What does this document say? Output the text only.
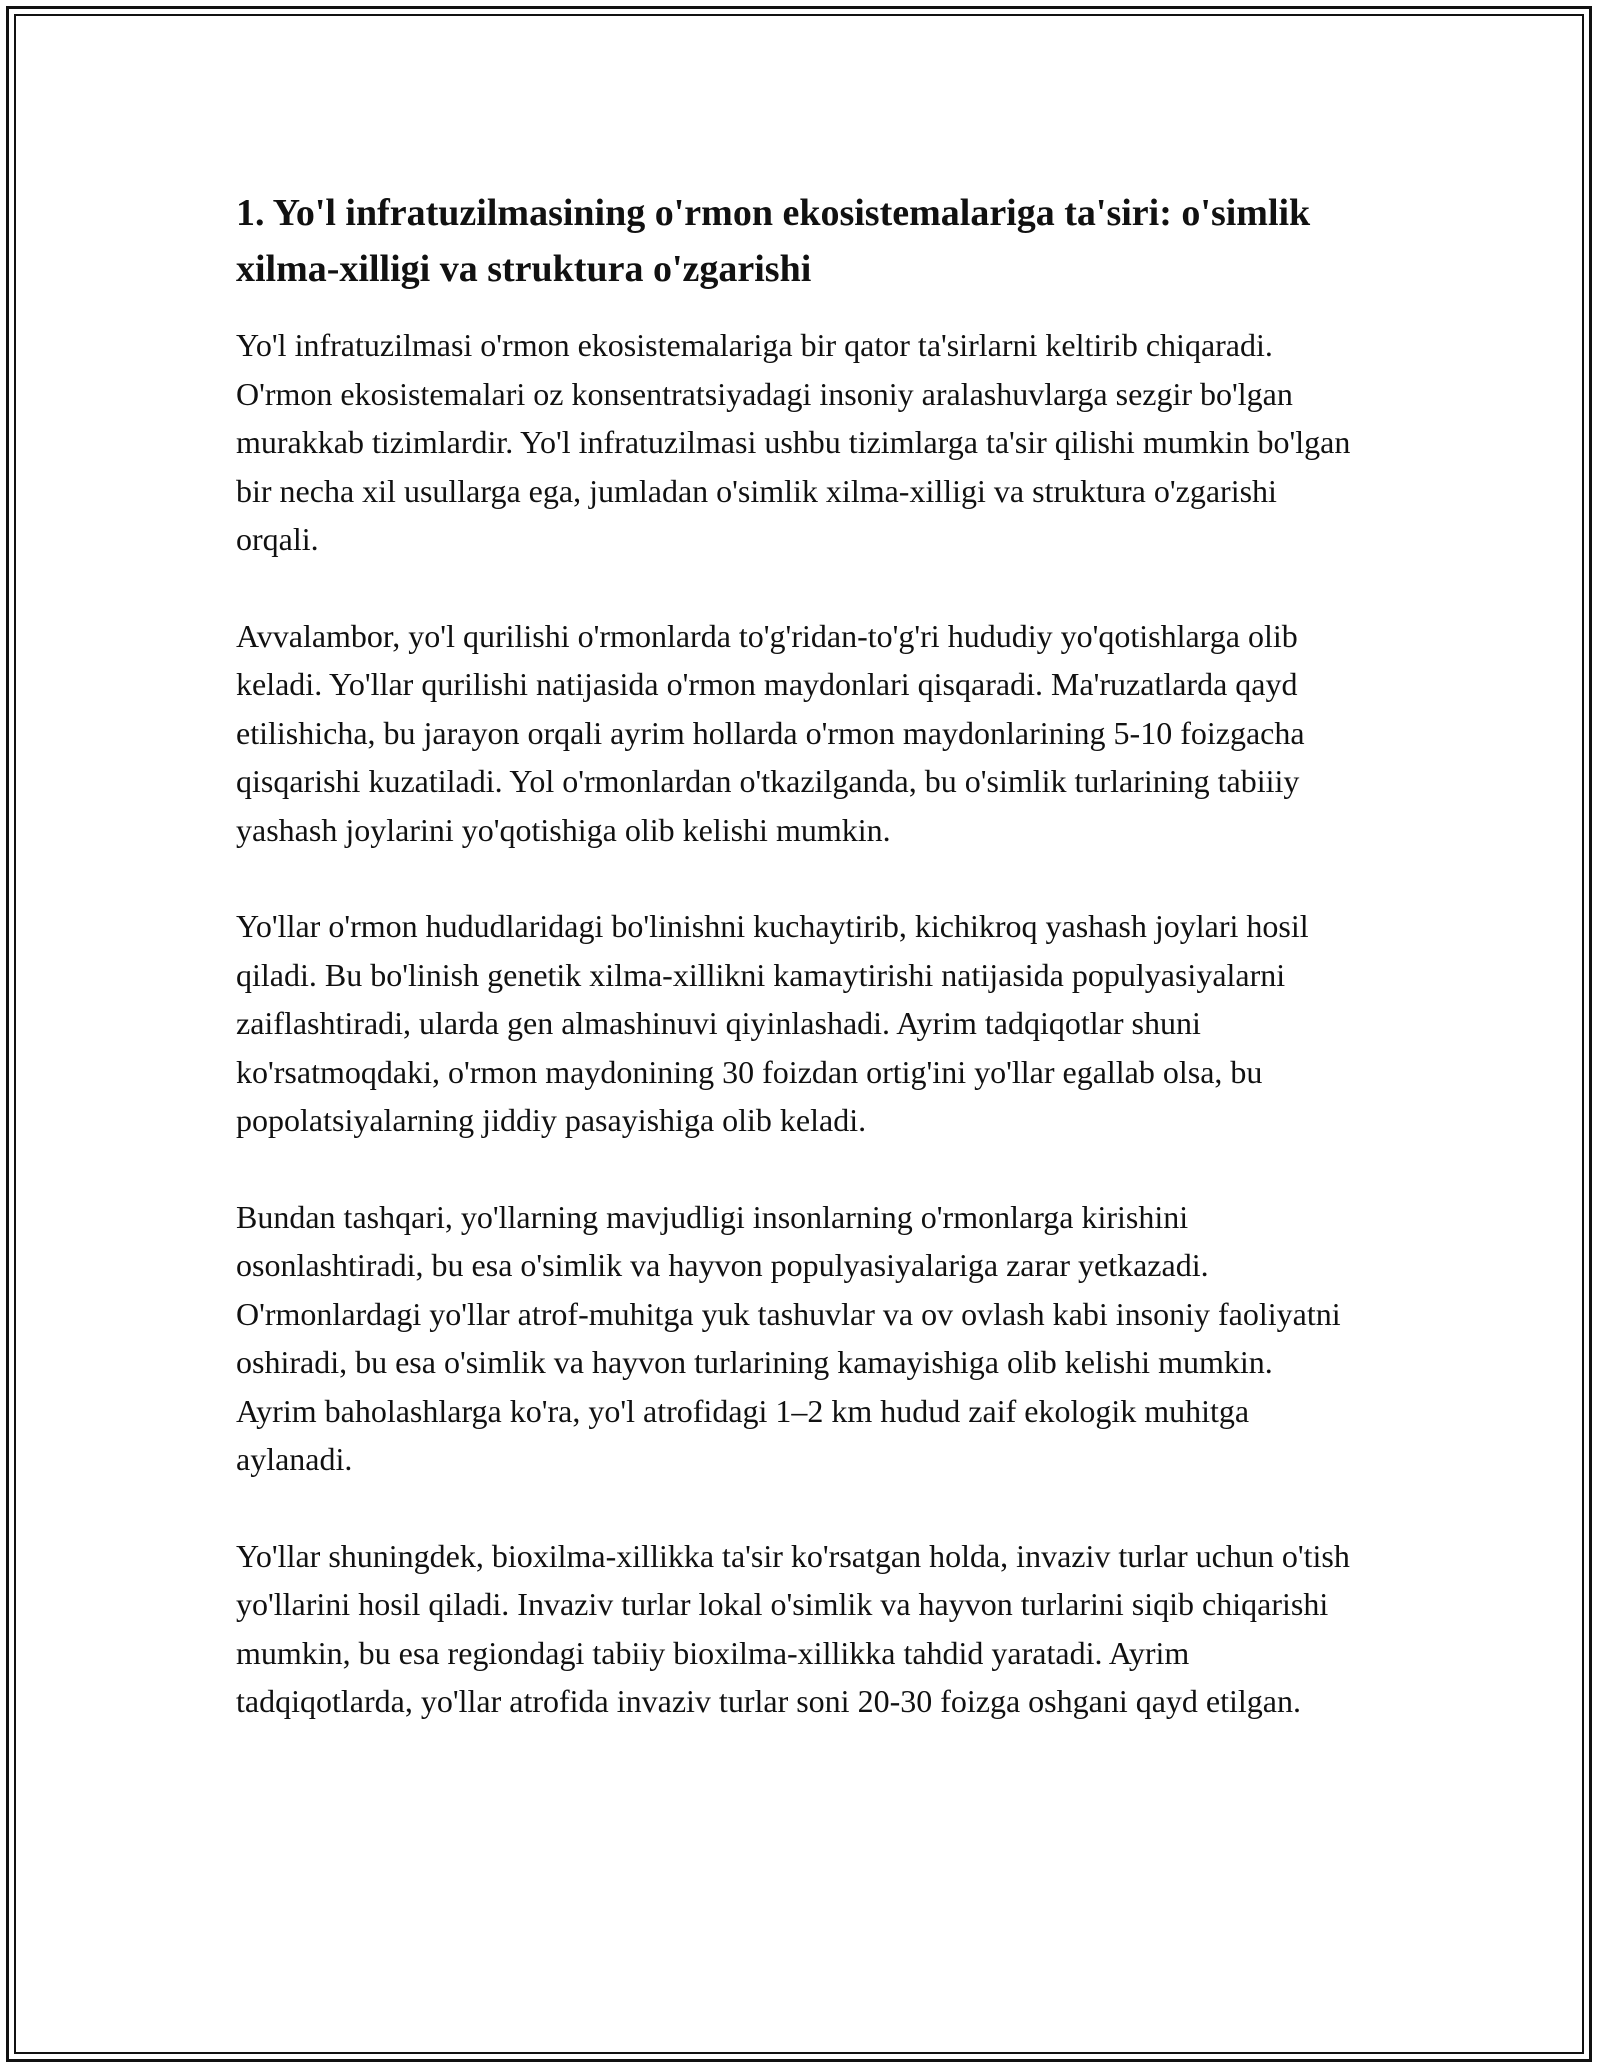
1. Yo'l infratuzilmasining o'rmon ekosistemalariga ta'siri: o'simlik xilma-xilligi va struktura o'zgarishi

Yo'l infratuzilmasi o'rmon ekosistemalariga bir qator ta'sirlarni keltirib chiqaradi. O'rmon ekosistemalari oz konsentratsiyadagi insoniy aralashuvlarga sezgir bo'lgan murakkab tizimlardir. Yo'l infratuzilmasi ushbu tizimlarga ta'sir qilishi mumkin bo'lgan bir necha xil usullarga ega, jumladan o'simlik xilma-xilligi va struktura o'zgarishi orqali.

Avvalambor, yo'l qurilishi o'rmonlarda to'g'ridan-to'g'ri hududiy yo'qotishlarga olib keladi. Yo'llar qurilishi natijasida o'rmon maydonlari qisqaradi. Ma'ruzatlarda qayd etilishicha, bu jarayon orqali ayrim hollarda o'rmon maydonlarining 5-10 foizgacha qisqarishi kuzatiladi. Yol o'rmonlardan o'tkazilganda, bu o'simlik turlarining tabiiiy yashash joylarini yo'qotishiga olib kelishi mumkin.

Yo'llar o'rmon hududlaridagi bo'linishni kuchaytirib, kichikroq yashash joylari hosil qiladi. Bu bo'linish genetik xilma-xillikni kamaytirishi natijasida populyasiyalarni zaiflashtiradi, ularda gen almashinuvi qiyinlashadi. Ayrim tadqiqotlar shuni ko'rsatmoqdaki, o'rmon maydonining 30 foizdan ortig'ini yo'llar egallab olsa, bu popolatsiyalarning jiddiy pasayishiga olib keladi.

Bundan tashqari, yo'llarning mavjudligi insonlarning o'rmonlarga kirishini osonlashtiradi, bu esa o'simlik va hayvon populyasiyalariga zarar yetkazadi. O'rmonlardagi yo'llar atrof-muhitga yuk tashuvlar va ov ovlash kabi insoniy faoliyatni oshiradi, bu esa o'simlik va hayvon turlarining kamayishiga olib kelishi mumkin. Ayrim baholashlarga ko'ra, yo'l atrofidagi 1–2 km hudud zaif ekologik muhitga aylanadi.

Yo'llar shuningdek, bioxilma-xillikka ta'sir ko'rsatgan holda, invaziv turlar uchun o'tish yo'llarini hosil qiladi. Invaziv turlar lokal o'simlik va hayvon turlarini siqib chiqarishi mumkin, bu esa regiondagi tabiiy bioxilma-xillikka tahdid yaratadi. Ayrim tadqiqotlarda, yo'llar atrofida invaziv turlar soni 20-30 foizga oshgani qayd etilgan.
